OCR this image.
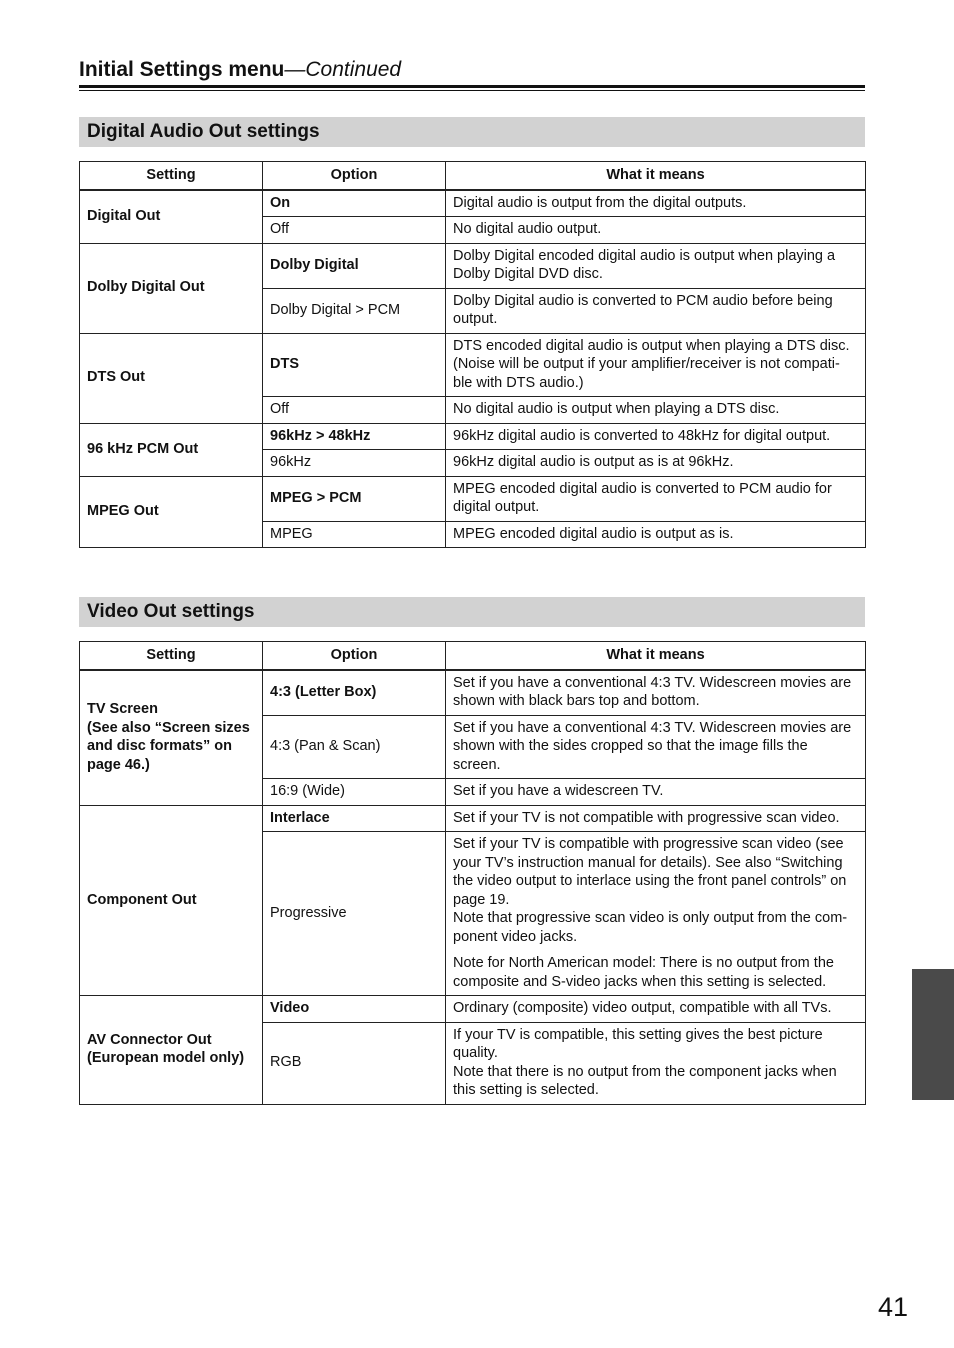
Initial Settings menu—Continued
Digital Audio Out settings
Setting	Option	What it means
Digital Out	On	Digital audio is output from the digital outputs.

	Off	No digital audio output.

Dolby Digital Out	Dolby Digital	Dolby Digital encoded digital audio is output when playing a Dolby Digital DVD disc.

	Dolby Digital > PCM	Dolby Digital audio is converted to PCM audio before being output.

DTS Out	DTS	DTS encoded digital audio is output when playing a DTS disc. (Noise will be output if your amplifier/receiver is not compati-ble with DTS audio.)

	Off	No digital audio is output when playing a DTS disc.

96 kHz PCM Out	96kHz > 48kHz	96kHz digital audio is converted to 48kHz for digital output.

	96kHz	96kHz digital audio is output as is at 96kHz.

MPEG Out	MPEG > PCM	MPEG encoded digital audio is converted to PCM audio for digital output.

	MPEG	MPEG encoded digital audio is output as is.
Video Out settings
Setting	Option	What it means
TV Screen
(See also “Screen sizes and disc formats” on page 46.)	4:3 (Letter Box)	Set if you have a conventional 4:3 TV. Widescreen movies are shown with black bars top and bottom.

	4:3 (Pan & Scan)	Set if you have a conventional 4:3 TV. Widescreen movies are shown with the sides cropped so that the image fills the screen.

	16:9 (Wide)	Set if you have a widescreen TV.

Component Out	Interlace	Set if your TV is not compatible with progressive scan video.

	Progressive	Set if your TV is compatible with progressive scan video (see your TV’s instruction manual for details). See also “Switching the video output to interlace using the front panel controls” on page 19.
Note that progressive scan video is only output from the com-ponent video jacks.
Note for North American model: There is no output from the composite and S-video jacks when this setting is selected.

AV Connector Out
(European model only)	Video	Ordinary (composite) video output, compatible with all TVs.

	RGB	If your TV is compatible, this setting gives the best picture quality.
Note that there is no output from the component jacks when this setting is selected.
41
